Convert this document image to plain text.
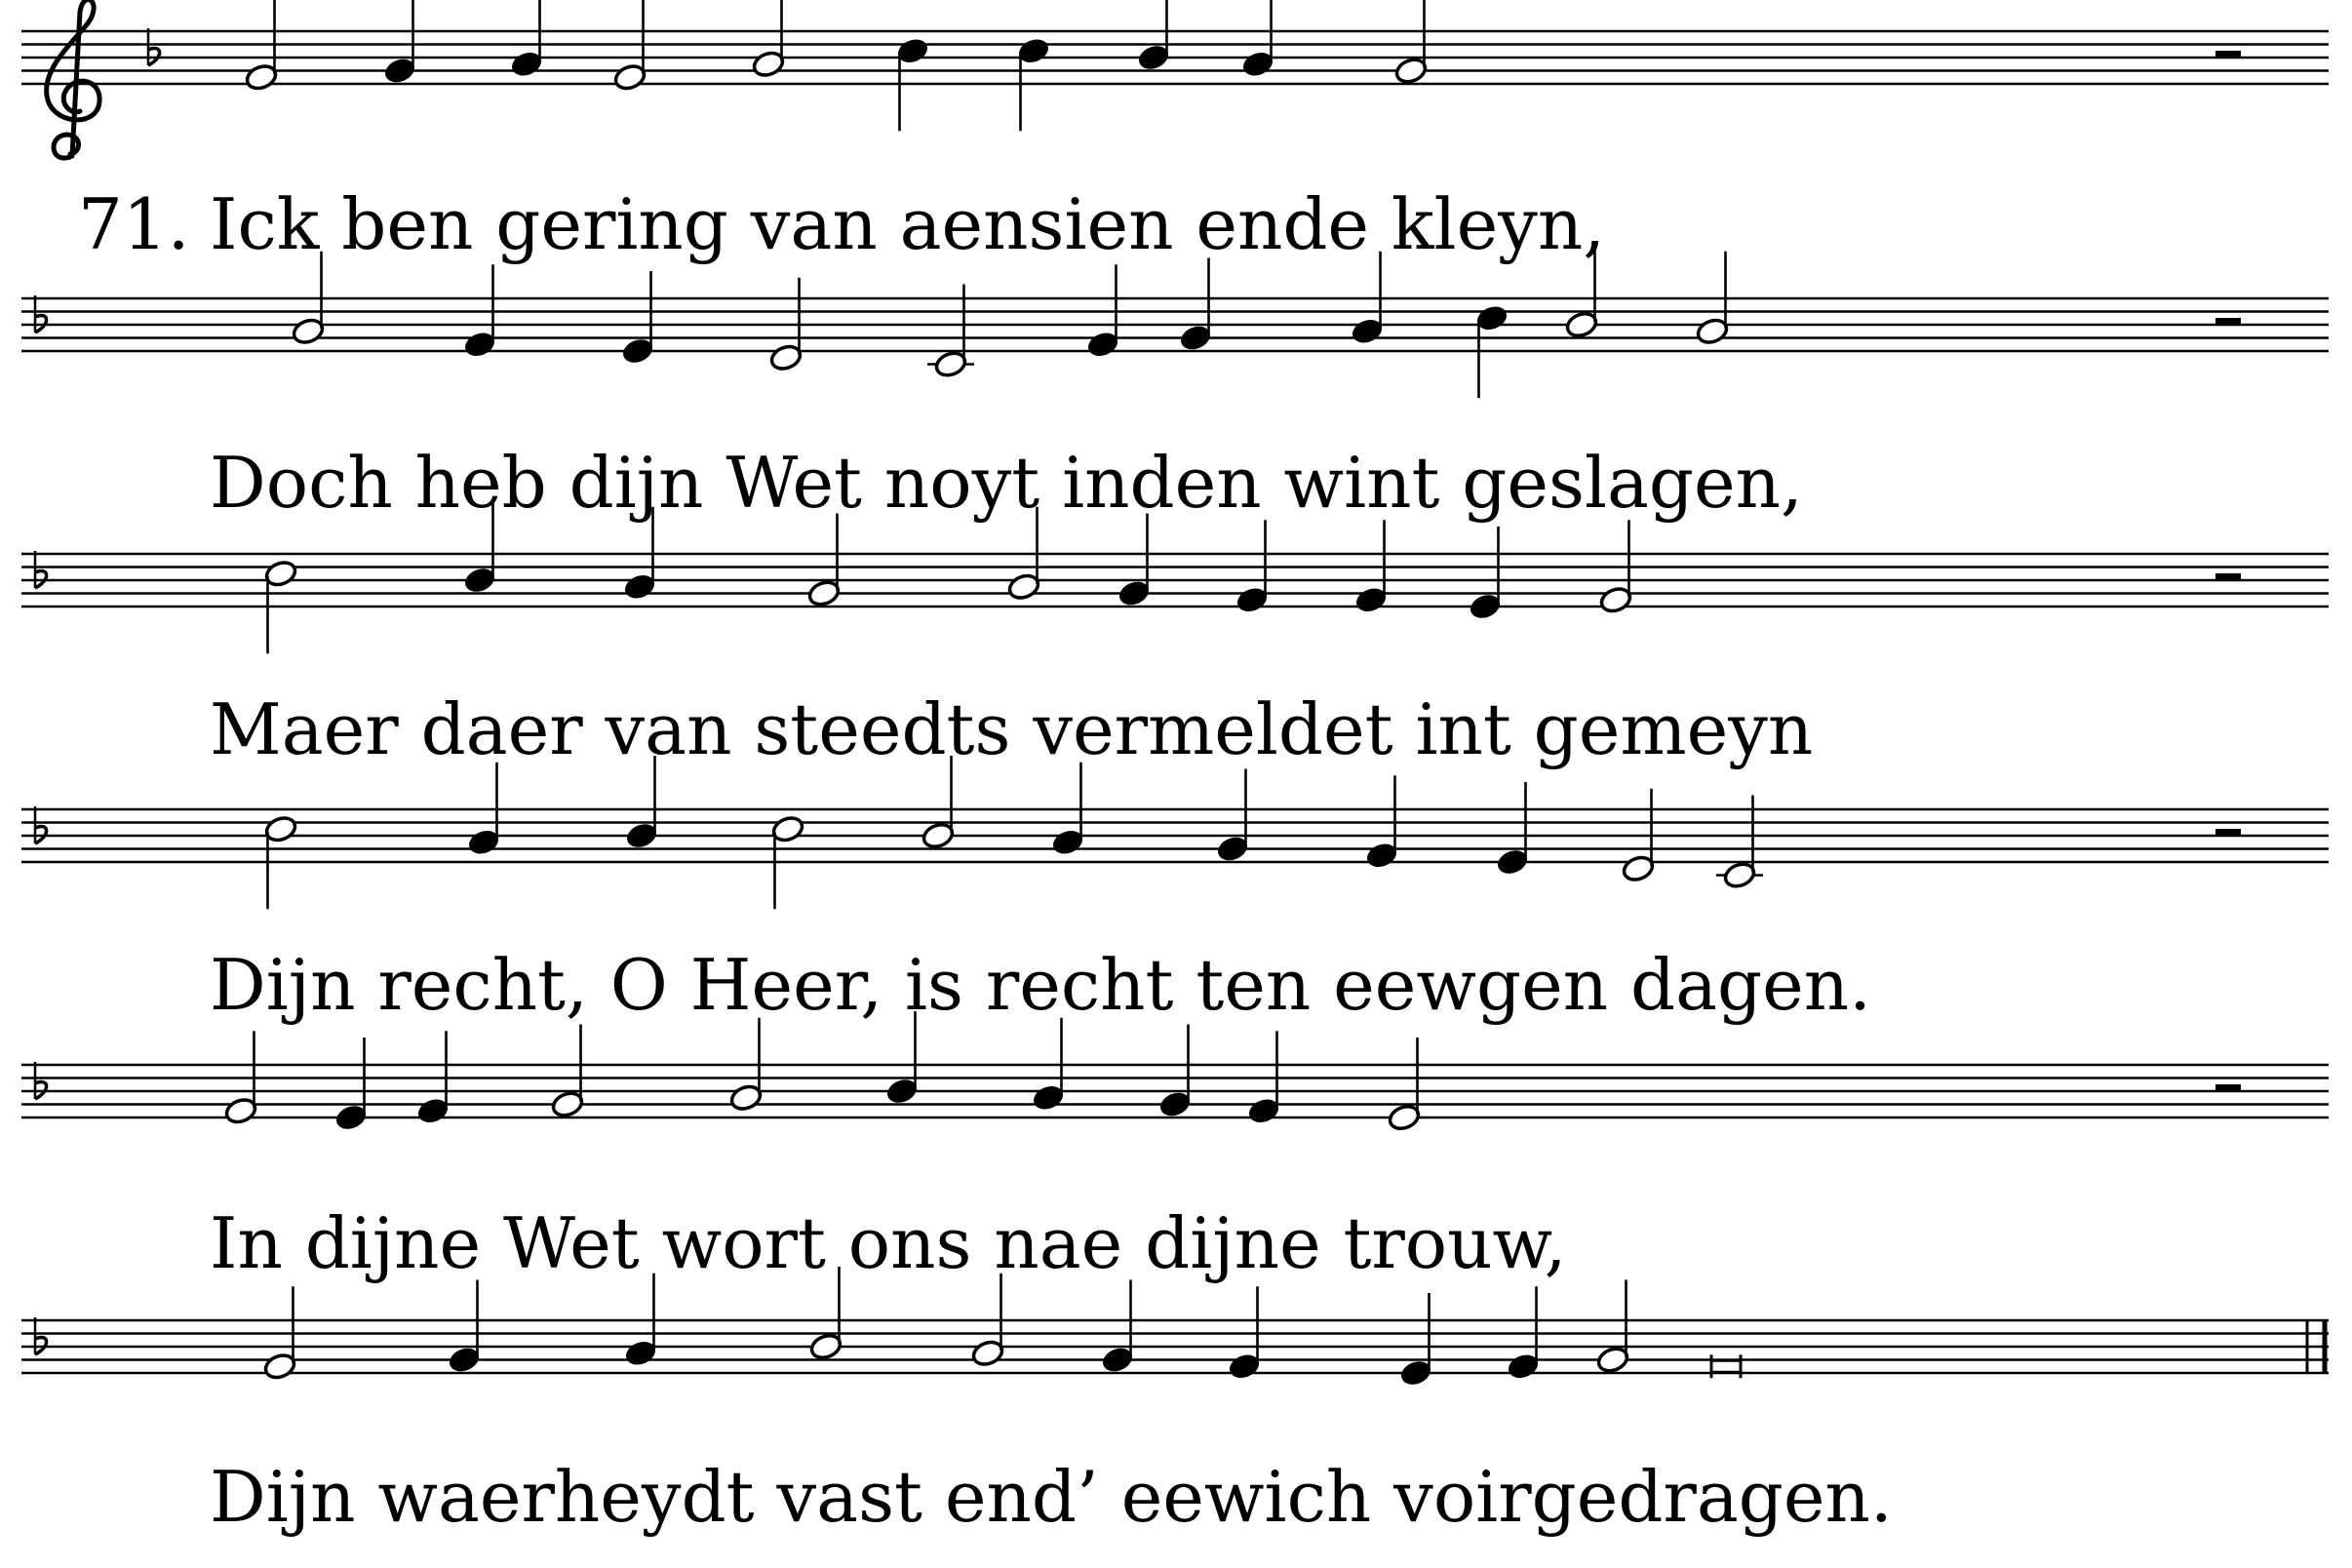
71. Ick ben gering van aensien ende kleyn,
Doch heb dijn Wet noyt inden wint geslagen,
Maer daer van steedts vermeldet int gemeyn
Dijn recht, O Heer, is recht ten eewgen dagen.
In dijne Wet wort ons nae dijne trouw,
Dijn waerheydt vast end’ eewich voirgedragen.
